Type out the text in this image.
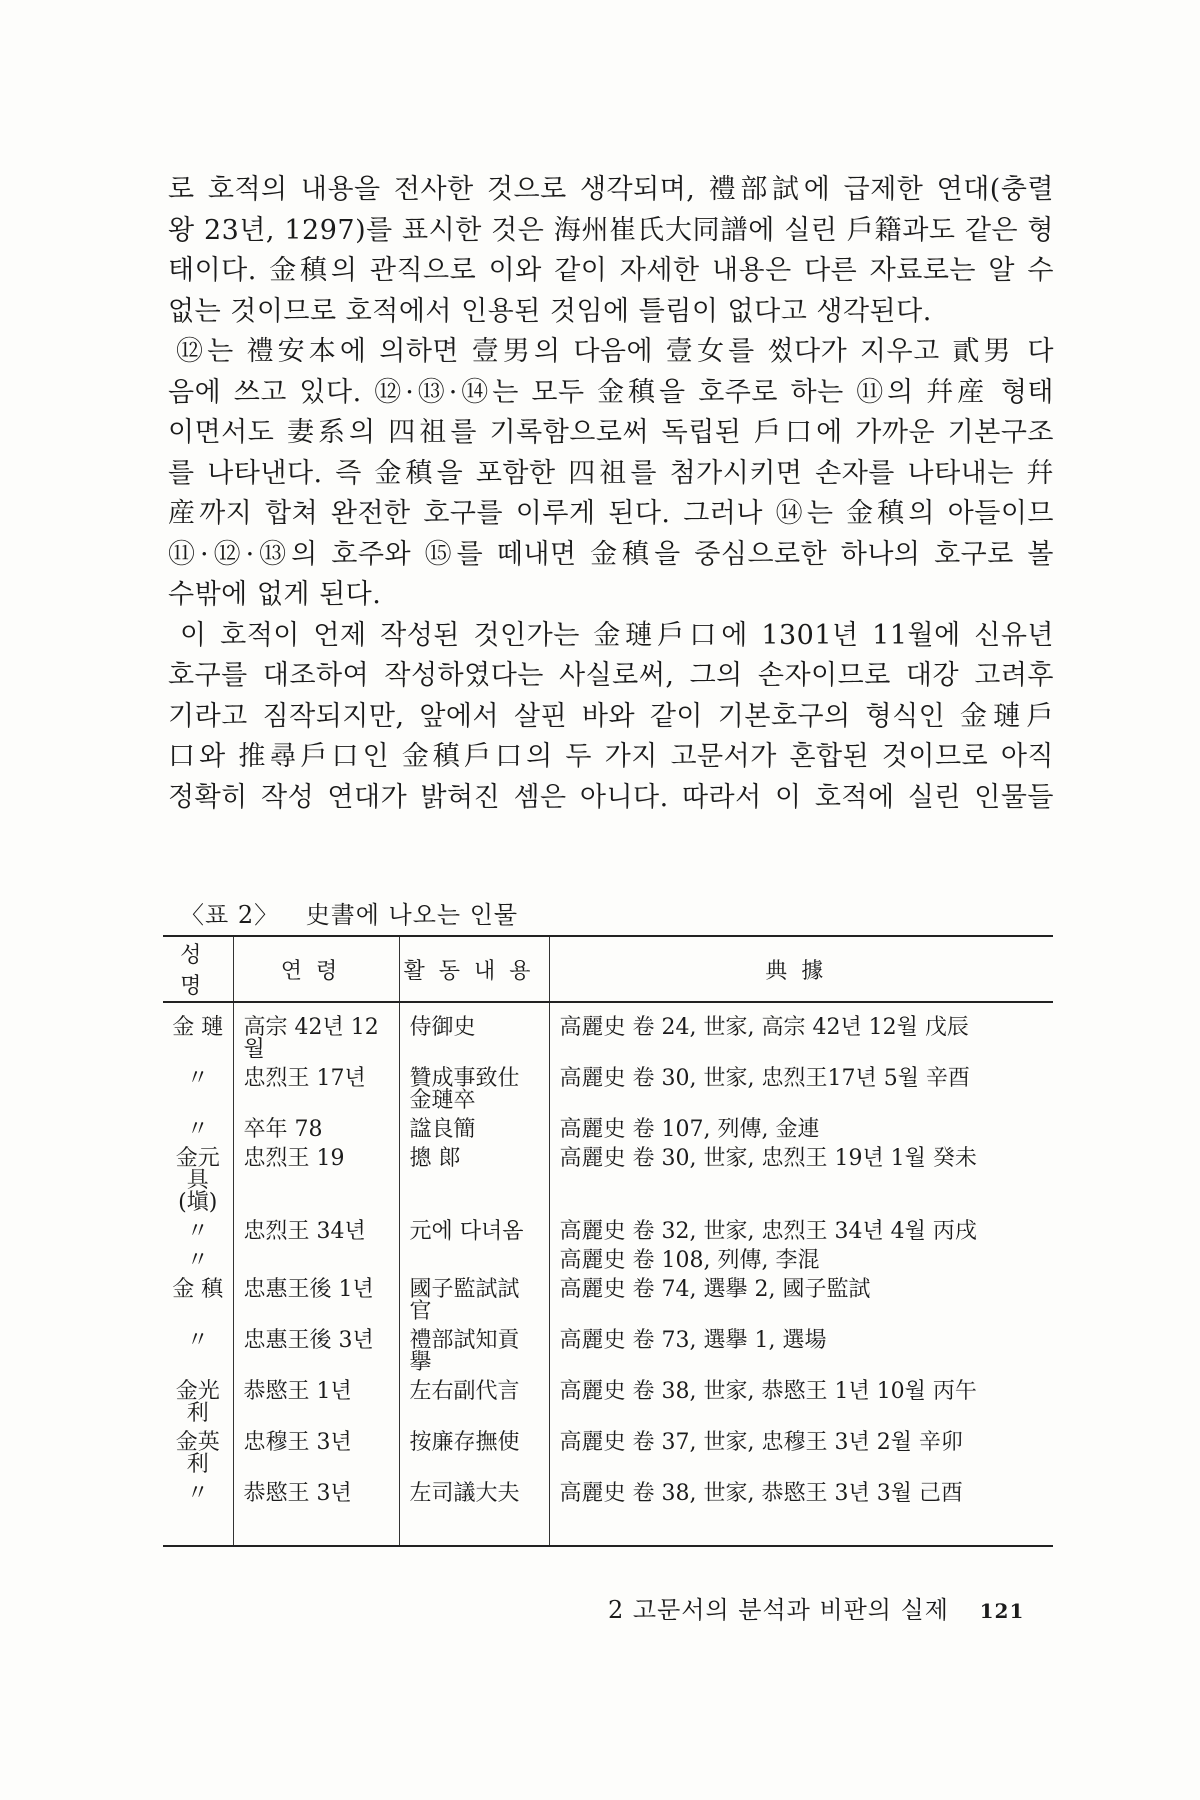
로 호적의 내용을 전사한 것으로 생각되며, 禮部試에 급제한 연대(충렬
왕 23년, 1297)를 표시한 것은 海州崔氏大同譜에 실린 戶籍과도 같은 형
태이다. 金稹의 관직으로 이와 같이 자세한 내용은 다른 자료로는 알 수
없는 것이므로 호적에서 인용된 것임에 틀림이 없다고 생각된다.
⑫는 禮安本에 의하면 壹男의 다음에 壹女를 썼다가 지우고 貳男 다
음에 쓰고 있다. ⑫·⑬·⑭는 모두 金稹을 호주로 하는 ⑪의 幷産 형태
이면서도 妻系의 四祖를 기록함으로써 독립된 戶口에 가까운 기본구조
를 나타낸다. 즉 金稹을 포함한 四祖를 첨가시키면 손자를 나타내는 幷
産까지 합쳐 완전한 호구를 이루게 된다. 그러나 ⑭는 金稹의 아들이므
⑪·⑫·⑬의 호주와 ⑮를 떼내면 金稹을 중심으로한 하나의 호구로 볼
수밖에 없게 된다.
이 호적이 언제 작성된 것인가는 金璉戶口에 1301년 11월에 신유년
호구를 대조하여 작성하였다는 사실로써, 그의 손자이므로 대강 고려후
기라고 짐작되지만, 앞에서 살핀 바와 같이 기본호구의 형식인 金璉戶
口와 推尋戶口인 金稹戶口의 두 가지 고문서가 혼합된 것이므로 아직
정확히 작성 연대가 밝혀진 셈은 아니다. 따라서 이 호적에 실린 인물들
〈표 2〉 史書에 나오는 인물
성명	연령	활동내용	典據
金 璉	高宗 42년 12월	侍御史	高麗史 卷 24, 世家, 高宗 42년 12월 戊辰
〃	忠烈王 17년	贊成事致仕金璉卒	高麗史 卷 30, 世家, 忠烈王17년 5월 辛酉
〃	卒年 78	諡良簡	高麗史 卷 107, 列傳, 金連
金元具 (塡)	忠烈王 19	摠 郞	高麗史 卷 30, 世家, 忠烈王 19년 1월 癸未
〃	忠烈王 34년	元에 다녀옴	高麗史 卷 32, 世家, 忠烈王 34년 4월 丙戌
〃			高麗史 卷 108, 列傳, 李混
金 稹	忠惠王後 1년	國子監試試官	高麗史 卷 74, 選擧 2, 國子監試
〃	忠惠王後 3년	禮部試知貢擧	高麗史 卷 73, 選擧 1, 選場
金光利	恭愍王 1년	左右副代言	高麗史 卷 38, 世家, 恭愍王 1년 10월 丙午
金英利	忠穆王 3년	按廉存撫使	高麗史 卷 37, 世家, 忠穆王 3년 2월 辛卯
〃	恭愍王 3년	左司議大夫	高麗史 卷 38, 世家, 恭愍王 3년 3월 己酉
2 고문서의 분석과 비판의 실제 121
